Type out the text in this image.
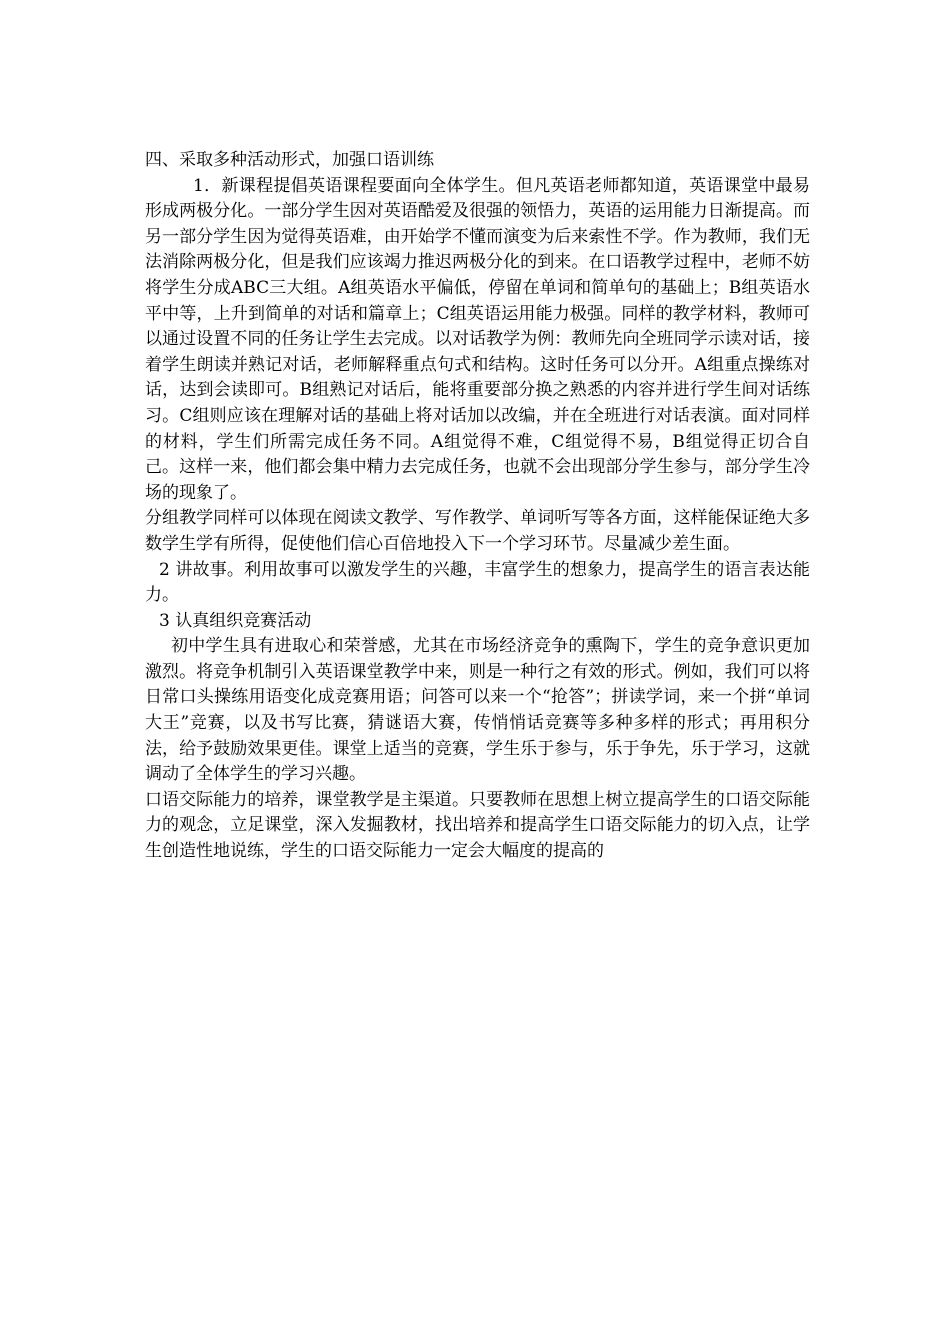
四、采取多种活动形式，加强口语训练

1．新课程提倡英语课程要面向全体学生。但凡英语老师都知道，英语课堂中最易形成两极分化。一部分学生因对英语酷爱及很强的领悟力，英语的运用能力日渐提高。而另一部分学生因为觉得英语难，由开始学不懂而演变为后来索性不学。作为教师，我们无法消除两极分化，但是我们应该竭力推迟两极分化的到来。在口语教学过程中，老师不妨将学生分成ABC三大组。A组英语水平偏低，停留在单词和简单句的基础上；B组英语水平中等，上升到简单的对话和篇章上；C组英语运用能力极强。同样的教学材料，教师可以通过设置不同的任务让学生去完成。以对话教学为例：教师先向全班同学示读对话，接着学生朗读并熟记对话，老师解释重点句式和结构。这时任务可以分开。A组重点操练对话，达到会读即可。B组熟记对话后，能将重要部分换之熟悉的内容并进行学生间对话练习。C组则应该在理解对话的基础上将对话加以改编，并在全班进行对话表演。面对同样的材料，学生们所需完成任务不同。A组觉得不难，C组觉得不易，B组觉得正切合自己。这样一来，他们都会集中精力去完成任务，也就不会出现部分学生参与，部分学生冷场的现象了。

分组教学同样可以体现在阅读文教学、写作教学、单词听写等各方面，这样能保证绝大多数学生学有所得，促使他们信心百倍地投入下一个学习环节。尽量减少差生面。

2 讲故事。利用故事可以激发学生的兴趣，丰富学生的想象力，提高学生的语言表达能力。

3 认真组织竞赛活动

初中学生具有进取心和荣誉感，尤其在市场经济竞争的熏陶下，学生的竞争意识更加激烈。将竞争机制引入英语课堂教学中来，则是一种行之有效的形式。例如，我们可以将日常口头操练用语变化成竞赛用语；问答可以来一个“抢答”；拼读学词，来一个拼“单词大王”竞赛，以及书写比赛，猜谜语大赛，传悄悄话竞赛等多种多样的形式；再用积分法，给予鼓励效果更佳。课堂上适当的竞赛，学生乐于参与，乐于争先，乐于学习，这就调动了全体学生的学习兴趣。

口语交际能力的培养，课堂教学是主渠道。只要教师在思想上树立提高学生的口语交际能力的观念，立足课堂，深入发掘教材，找出培养和提高学生口语交际能力的切入点，让学生创造性地说练，学生的口语交际能力一定会大幅度的提高的
